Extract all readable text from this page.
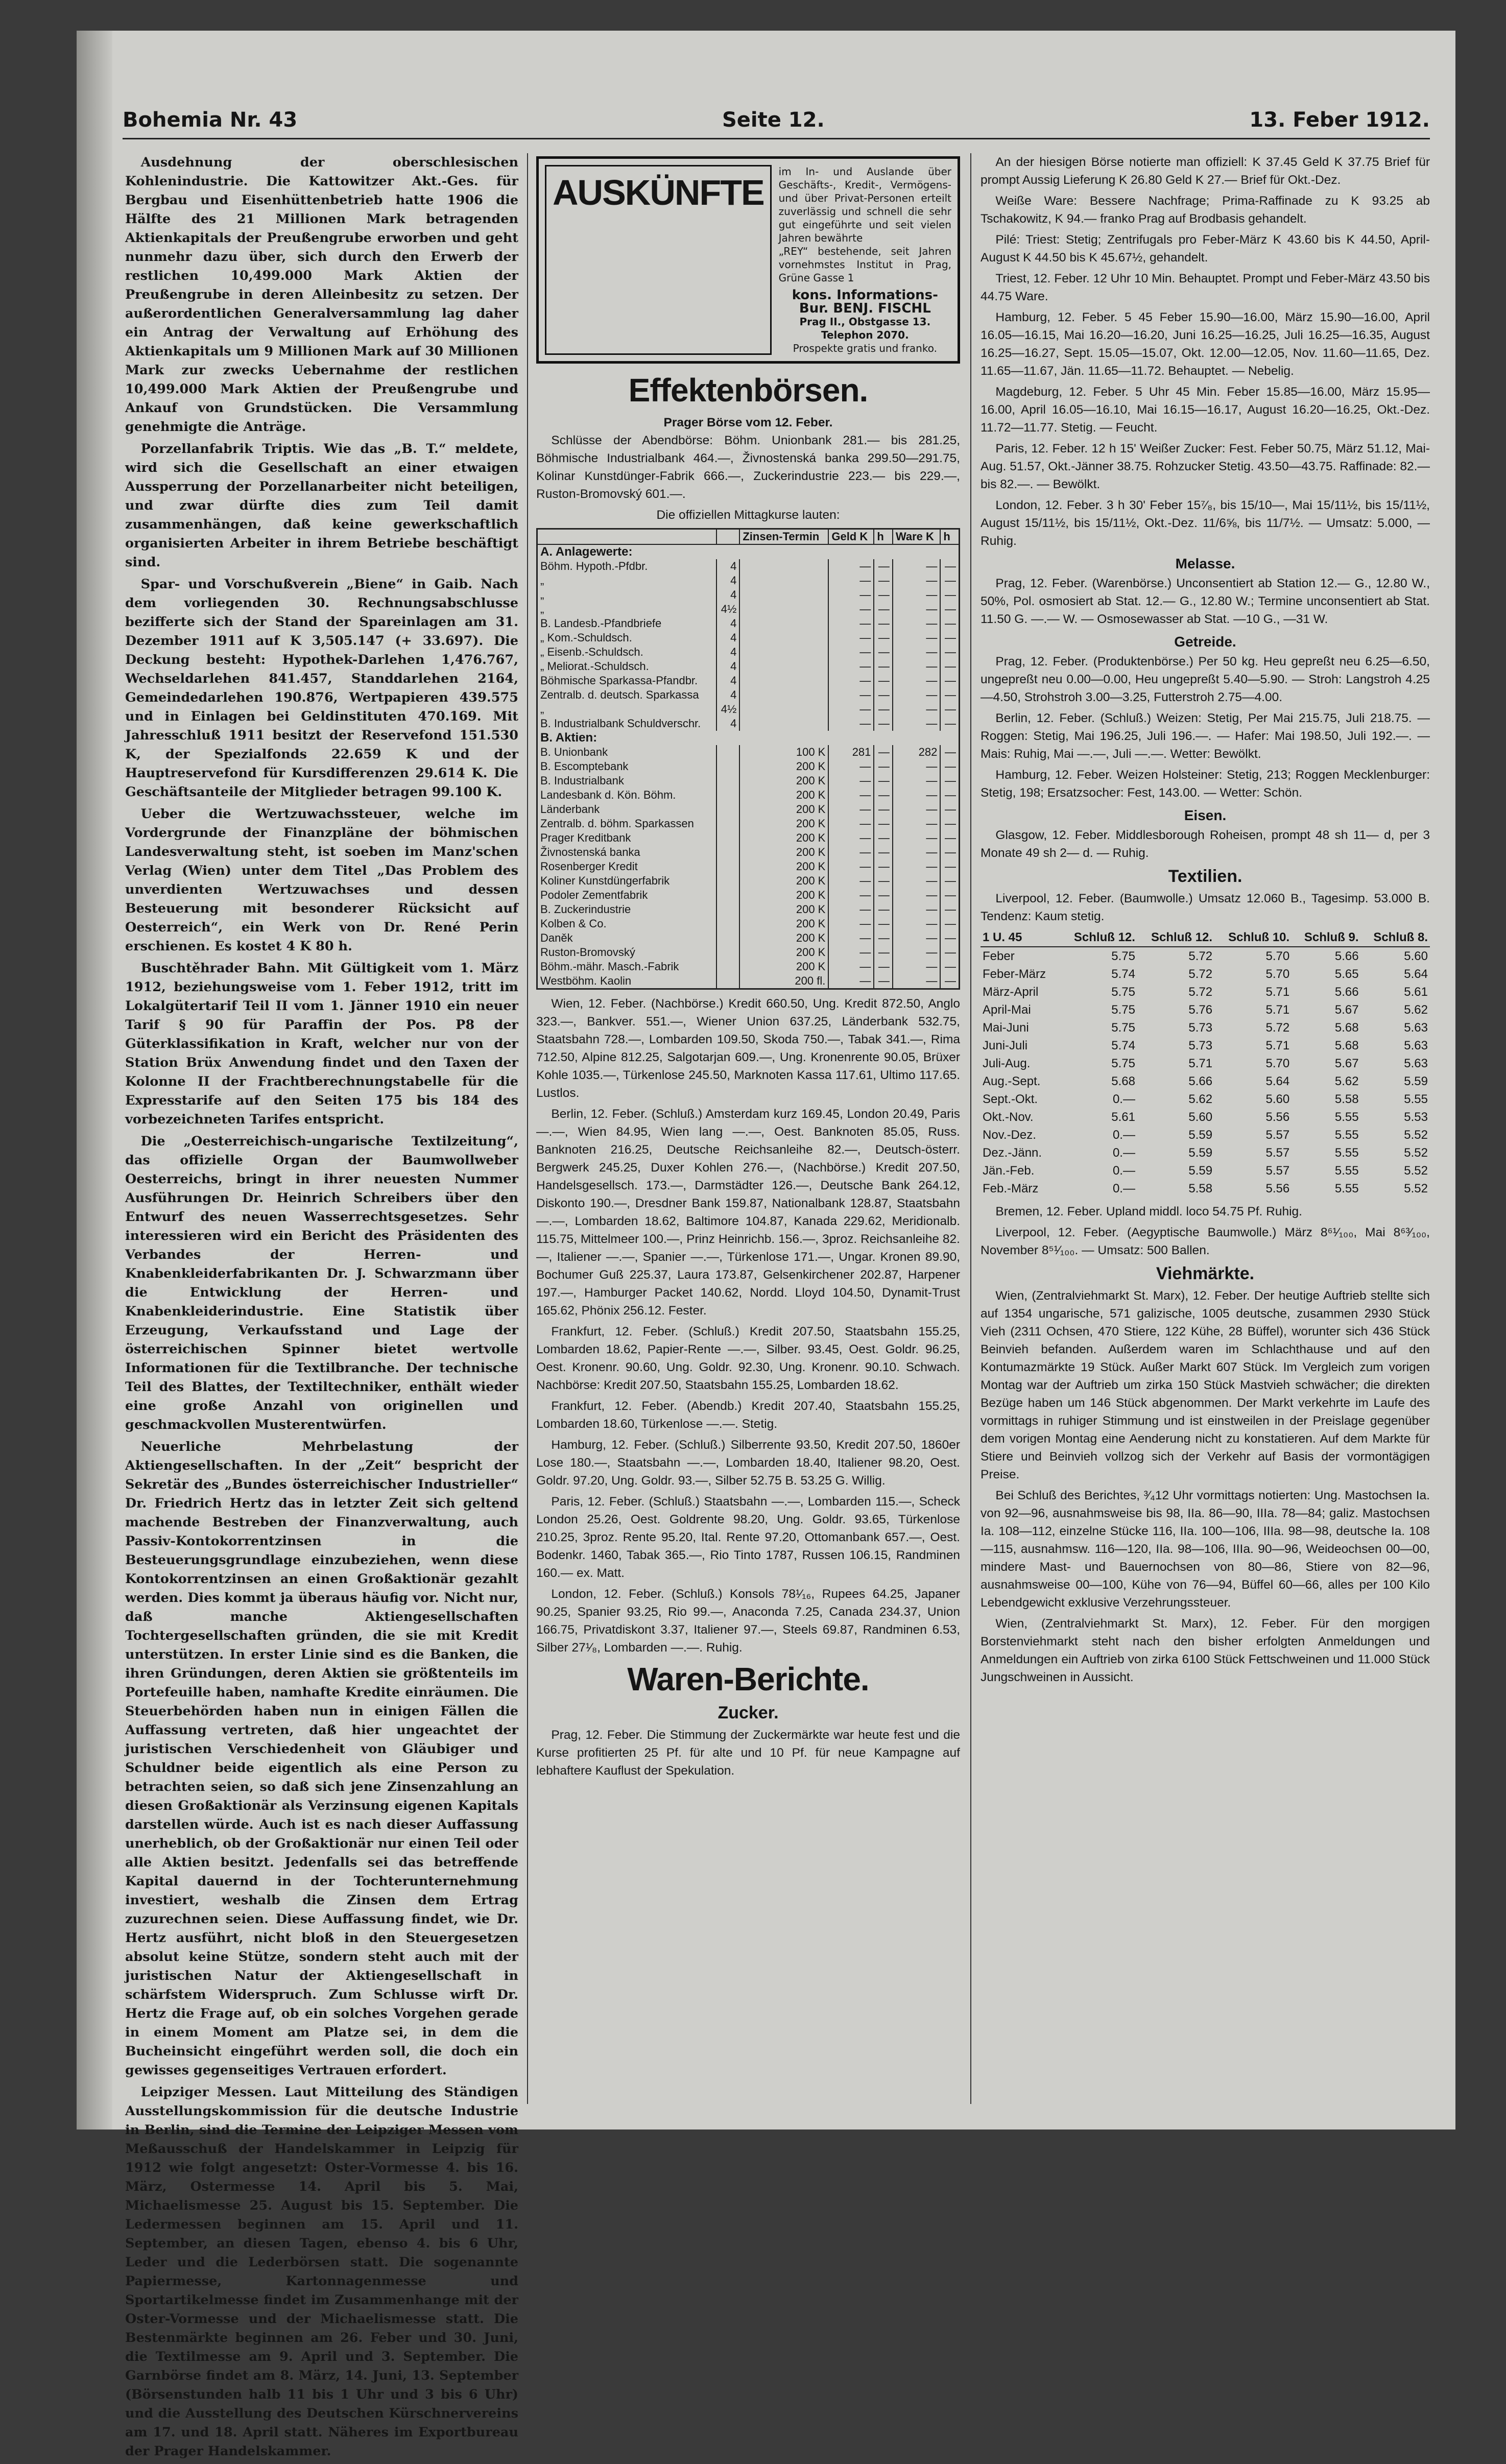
Bohemia Nr. 43	Seite 12.	13. Feber 1912.

Ausdehnung der oberschlesischen Kohlenindustrie. Die Kattowitzer Akt.-Ges. für Bergbau und Eisenhüttenbetrieb hatte 1906 die Hälfte des 21 Millionen Mark betragenden Aktienkapitals der Preußengrube erworben und geht nunmehr dazu über, sich durch den Erwerb der restlichen 10,499.000 Mark Aktien der Preußengrube in deren Alleinbesitz zu setzen. Der außerordentlichen Generalversammlung lag daher ein Antrag der Verwaltung auf Erhöhung des Aktienkapitals um 9 Millionen Mark auf 30 Millionen Mark zur zwecks Uebernahme der restlichen 10,499.000 Mark Aktien der Preußengrube und Ankauf von Grundstücken. Die Versammlung genehmigte die Anträge.

Porzellanfabrik Triptis. Wie das „B. T.“ meldete, wird sich die Gesellschaft an einer etwaigen Aussperrung der Porzellanarbeiter nicht beteiligen, und zwar dürfte dies zum Teil damit zusammenhängen, daß keine gewerkschaftlich organisierten Arbeiter in ihrem Betriebe beschäftigt sind.

Spar- und Vorschußverein „Biene“ in Gaib. Nach dem vorliegenden 30. Rechnungsabschlusse bezifferte sich der Stand der Spareinlagen am 31. Dezember 1911 auf K 3,505.147 (+ 33.697). Die Deckung besteht: Hypothek-Darlehen 1,476.767, Wechseldarlehen 841.457, Standdarlehen 2164, Gemeindedarlehen 190.876, Wertpapieren 439.575 und in Einlagen bei Geldinstituten 470.169. Mit Jahresschluß 1911 besitzt der Reservefond 151.530 K, der Spezialfonds 22.659 K und der Hauptreservefond für Kursdifferenzen 29.614 K. Die Geschäftsanteile der Mitglieder betragen 99.100 K.

Ueber die Wertzuwachssteuer, welche im Vordergrunde der Finanzpläne der böhmischen Landesverwaltung steht, ist soeben im Manz'schen Verlag (Wien) unter dem Titel „Das Problem des unverdienten Wertzuwachses und dessen Besteuerung mit besonderer Rücksicht auf Oesterreich“, ein Werk von Dr. René Perin erschienen. Es kostet 4 K 80 h.

Buschtěhrader Bahn. Mit Gültigkeit vom 1. März 1912, beziehungsweise vom 1. Feber 1912, tritt im Lokalgütertarif Teil II vom 1. Jänner 1910 ein neuer Tarif § 90 für Paraffin der Pos. P8 der Güterklassifikation in Kraft, welcher nur von der Station Brüx Anwendung findet und den Taxen der Kolonne II der Frachtberechnungstabelle für die Expresstarife auf den Seiten 175 bis 184 des vorbezeichneten Tarifes entspricht.

Die „Oesterreichisch-ungarische Textilzeitung“, das offizielle Organ der Baumwollweber Oesterreichs, bringt in ihrer neuesten Nummer Ausführungen Dr. Heinrich Schreibers über den Entwurf des neuen Wasserrechtsgesetzes. Sehr interessieren wird ein Bericht des Präsidenten des Verbandes der Herren- und Knabenkleiderfabrikanten Dr. J. Schwarzmann über die Entwicklung der Herren- und Knabenkleiderindustrie. Eine Statistik über Erzeugung, Verkaufsstand und Lage der österreichischen Spinner bietet wertvolle Informationen für die Textilbranche. Der technische Teil des Blattes, der Textiltechniker, enthält wieder eine große Anzahl von originellen und geschmackvollen Musterentwürfen.

Neuerliche Mehrbelastung der Aktiengesellschaften. In der „Zeit“ bespricht der Sekretär des „Bundes österreichischer Industrieller“ Dr. Friedrich Hertz das in letzter Zeit sich geltend machende Bestreben der Finanzverwaltung, auch Passiv-Kontokorrentzinsen in die Besteuerungsgrundlage einzubeziehen, wenn diese Kontokorrentzinsen an einen Großaktionär gezahlt werden. Dies kommt ja überaus häufig vor. Nicht nur, daß manche Aktiengesellschaften Tochtergesellschaften gründen, die sie mit Kredit unterstützen. In erster Linie sind es die Banken, die ihren Gründungen, deren Aktien sie größtenteils im Portefeuille haben, namhafte Kredite einräumen. Die Steuerbehörden haben nun in einigen Fällen die Auffassung vertreten, daß hier ungeachtet der juristischen Verschiedenheit von Gläubiger und Schuldner beide eigentlich als eine Person zu betrachten seien, so daß sich jene Zinsenzahlung an diesen Großaktionär als Verzinsung eigenen Kapitals darstellen würde. Auch ist es nach dieser Auffassung unerheblich, ob der Großaktionär nur einen Teil oder alle Aktien besitzt. Jedenfalls sei das betreffende Kapital dauernd in der Tochterunternehmung investiert, weshalb die Zinsen dem Ertrag zuzurechnen seien. Diese Auffassung findet, wie Dr. Hertz ausführt, nicht bloß in den Steuergesetzen absolut keine Stütze, sondern steht auch mit der juristischen Natur der Aktiengesellschaft in schärfstem Widerspruch. Zum Schlusse wirft Dr. Hertz die Frage auf, ob ein solches Vorgehen gerade in einem Moment am Platze sei, in dem die Bucheinsicht eingeführt werden soll, die doch ein gewisses gegenseitiges Vertrauen erfordert.

Leipziger Messen. Laut Mitteilung des Ständigen Ausstellungskommission für die deutsche Industrie in Berlin, sind die Termine der Leipziger Messen vom Meßausschuß der Handelskammer in Leipzig für 1912 wie folgt angesetzt: Oster-Vormesse 4. bis 16. März, Ostermesse 14. April bis 5. Mai, Michaelismesse 25. August bis 15. September. Die Ledermessen beginnen am 15. April und 11. September, an diesen Tagen, ebenso 4. bis 6 Uhr, Leder und die Lederbörsen statt. Die sogenannte Papiermesse, Kartonnagenmesse und Sportartikelmesse findet im Zusammenhange mit der Oster-Vormesse und der Michaelismesse statt. Die Bestenmärkte beginnen am 26. Feber und 30. Juni, die Textilmesse am 9. April und 3. September. Die Garnbörse findet am 8. März, 14. Juni, 13. September (Börsenstunden halb 11 bis 1 Uhr und 3 bis 6 Uhr) und die Ausstellung des Deutschen Kürschnervereins am 17. und 18. April statt. Näheres im Exportbureau der Prager Handelskammer.

AUSKÜNFTE
im In- und Auslande über Geschäfts-, Kredit-, Vermögens- und über Privat-Personen erteilt zuverlässig und schnell die sehr gut eingeführte und seit vielen Jahren bewährte
„REY“ bestehende, seit Jahren vornehmstes Institut in Prag, Grüne Gasse 1
kons. Informations-Bur. BENJ. FISCHL
Prag II., Obstgasse 13. Telephon 2070.
Prospekte gratis und franko.
Effektenbörsen.
Prager Börse vom 12. Feber.

Schlüsse der Abendbörse: Böhm. Unionbank 281.— bis 281.25, Böhmische Industrialbank 464.—, Živnostenská banka 299.50—291.75, Kolinar Kunstdünger-Fabrik 666.—, Zuckerindustrie 223.— bis 229.—, Ruston-Bromovský 601.—.

Die offiziellen Mittagkurse lauten:
		Zinsen-Termin	Geld K	h	Ware K	h
A. Anlagewerte:						
Böhm. Hypoth.-Pfdbr.	4		—	—	—	—
„	4		—	—	—	—
„	4		—	—	—	—
„	4½		—	—	—	—
B. Landesb.-Pfandbriefe	4		—	—	—	—
„ Kom.-Schuldsch.	4		—	—	—	—
„ Eisenb.-Schuldsch.	4		—	—	—	—
„ Meliorat.-Schuldsch.	4		—	—	—	—
Böhmische Sparkassa-Pfandbr.	4		—	—	—	—
Zentralb. d. deutsch. Sparkassa	4		—	—	—	—
„	4½		—	—	—	—
B. Industrialbank Schuldverschr.	4		—	—	—	—
B. Aktien:						
B. Unionbank		100 K	281	—	282	—
B. Escomptebank		200 K	—	—	—	—
B. Industrialbank		200 K	—	—	—	—
Landesbank d. Kön. Böhm.		200 K	—	—	—	—
Länderbank		200 K	—	—	—	—
Zentralb. d. böhm. Sparkassen		200 K	—	—	—	—
Prager Kreditbank		200 K	—	—	—	—
Živnostenská banka		200 K	—	—	—	—
Rosenberger Kredit		200 K	—	—	—	—
Koliner Kunstdüngerfabrik		200 K	—	—	—	—
Podoler Zementfabrik		200 K	—	—	—	—
B. Zuckerindustrie		200 K	—	—	—	—
Kolben & Co.		200 K	—	—	—	—
Daněk		200 K	—	—	—	—
Ruston-Bromovský		200 K	—	—	—	—
Böhm.-mähr. Masch.-Fabrik		200 K	—	—	—	—
Westböhm. Kaolin		200 fl.	—	—	—	—

Wien, 12. Feber. (Nachbörse.) Kredit 660.50, Ung. Kredit 872.50, Anglo 323.—, Bankver. 551.—, Wiener Union 637.25, Länderbank 532.75, Staatsbahn 728.—, Lombarden 109.50, Skoda 750.—, Tabak 341.—, Rima 712.50, Alpine 812.25, Salgotarjan 609.—, Ung. Kronenrente 90.05, Brüxer Kohle 1035.—, Türkenlose 245.50, Marknoten Kassa 117.61, Ultimo 117.65. Lustlos.

Berlin, 12. Feber. (Schluß.) Amsterdam kurz 169.45, London 20.49, Paris —.—, Wien 84.95, Wien lang —.—, Oest. Banknoten 85.05, Russ. Banknoten 216.25, Deutsche Reichsanleihe 82.—, Deutsch-österr. Bergwerk 245.25, Duxer Kohlen 276.—, (Nachbörse.) Kredit 207.50, Handelsgesellsch. 173.—, Darmstädter 126.—, Deutsche Bank 264.12, Diskonto 190.—, Dresdner Bank 159.87, Nationalbank 128.87, Staatsbahn —.—, Lombarden 18.62, Baltimore 104.87, Kanada 229.62, Meridionalb. 115.75, Mittelmeer 100.—, Prinz Heinrichb. 156.—, 3proz. Reichsanleihe 82.—, Italiener —.—, Spanier —.—, Türkenlose 171.—, Ungar. Kronen 89.90, Bochumer Guß 225.37, Laura 173.87, Gelsenkirchener 202.87, Harpener 197.—, Hamburger Packet 140.62, Nordd. Lloyd 104.50, Dynamit-Trust 165.62, Phönix 256.12. Fester.

Frankfurt, 12. Feber. (Schluß.) Kredit 207.50, Staatsbahn 155.25, Lombarden 18.62, Papier-Rente —.—, Silber. 93.45, Oest. Goldr. 96.25, Oest. Kronenr. 90.60, Ung. Goldr. 92.30, Ung. Kronenr. 90.10. Schwach. Nachbörse: Kredit 207.50, Staatsbahn 155.25, Lombarden 18.62.

Frankfurt, 12. Feber. (Abendb.) Kredit 207.40, Staatsbahn 155.25, Lombarden 18.60, Türkenlose —.—. Stetig.

Hamburg, 12. Feber. (Schluß.) Silberrente 93.50, Kredit 207.50, 1860er Lose 180.—, Staatsbahn —.—, Lombarden 18.40, Italiener 98.20, Oest. Goldr. 97.20, Ung. Goldr. 93.—, Silber 52.75 B. 53.25 G. Willig.

Paris, 12. Feber. (Schluß.) Staatsbahn —.—, Lombarden 115.—, Scheck London 25.26, Oest. Goldrente 98.20, Ung. Goldr. 93.65, Türkenlose 210.25, 3proz. Rente 95.20, Ital. Rente 97.20, Ottomanbank 657.—, Oest. Bodenkr. 1460, Tabak 365.—, Rio Tinto 1787, Russen 106.15, Randminen 160.— ex. Matt.

London, 12. Feber. (Schluß.) Konsols 78¹⁄₁₆, Rupees 64.25, Japaner 90.25, Spanier 93.25, Rio 99.—, Anaconda 7.25, Canada 234.37, Union 166.75, Privatdiskont 3.37, Italiener 97.—, Steels 69.87, Randminen 6.53, Silber 27¹⁄₈, Lombarden —.—. Ruhig.

Waren-Berichte.
Zucker.

Prag, 12. Feber. Die Stimmung der Zuckermärkte war heute fest und die Kurse profitierten 25 Pf. für alte und 10 Pf. für neue Kampagne auf lebhaftere Kauflust der Spekulation.

An der hiesigen Börse notierte man offiziell: K 37.45 Geld K 37.75 Brief für prompt Aussig Lieferung K 26.80 Geld K 27.— Brief für Okt.-Dez.

Weiße Ware: Bessere Nachfrage; Prima-Raffinade zu K 93.25 ab Tschakowitz, K 94.— franko Prag auf Brodbasis gehandelt.

Pilé: Triest: Stetig; Zentrifugals pro Feber-März K 43.60 bis K 44.50, April-August K 44.50 bis K 45.67½, gehandelt.

Triest, 12. Feber. 12 Uhr 10 Min. Behauptet. Prompt und Feber-März 43.50 bis 44.75 Ware.

Hamburg, 12. Feber. 5 45 Feber 15.90—16.00, März 15.90—16.00, April 16.05—16.15, Mai 16.20—16.20, Juni 16.25—16.25, Juli 16.25—16.35, August 16.25—16.27, Sept. 15.05—15.07, Okt. 12.00—12.05, Nov. 11.60—11.65, Dez. 11.65—11.67, Jän. 11.65—11.72. Behauptet. — Nebelig.

Magdeburg, 12. Feber. 5 Uhr 45 Min. Feber 15.85—16.00, März 15.95—16.00, April 16.05—16.10, Mai 16.15—16.17, August 16.20—16.25, Okt.-Dez. 11.72—11.77. Stetig. — Feucht.

Paris, 12. Feber. 12 h 15' Weißer Zucker: Fest. Feber 50.75, März 51.12, Mai-Aug. 51.57, Okt.-Jänner 38.75. Rohzucker Stetig. 43.50—43.75. Raffinade: 82.— bis 82.—. — Bewölkt.

London, 12. Feber. 3 h 30' Feber 15⁷⁄₈, bis 15/10—, Mai 15/11½, bis 15/11½, August 15/11½, bis 15/11½, Okt.-Dez. 11/6⅝, bis 11/7½. — Umsatz: 5.000, — Ruhig.

Melasse.

Prag, 12. Feber. (Warenbörse.) Unconsentiert ab Station 12.— G., 12.80 W., 50%, Pol. osmosiert ab Stat. 12.— G., 12.80 W.; Termine unconsentiert ab Stat. 11.50 G. —.— W. — Osmosewasser ab Stat. —10 G., —31 W.

Getreide.

Prag, 12. Feber. (Produktenbörse.) Per 50 kg. Heu gepreßt neu 6.25—6.50, ungepreßt neu 0.00—0.00, Heu ungepreßt 5.40—5.90. — Stroh: Langstroh 4.25—4.50, Strohstroh 3.00—3.25, Futterstroh 2.75—4.00.

Berlin, 12. Feber. (Schluß.) Weizen: Stetig, Per Mai 215.75, Juli 218.75. — Roggen: Stetig, Mai 196.25, Juli 196.—. — Hafer: Mai 198.50, Juli 192.—. — Mais: Ruhig, Mai —.—, Juli —.—. Wetter: Bewölkt.

Hamburg, 12. Feber. Weizen Holsteiner: Stetig, 213; Roggen Mecklenburger: Stetig, 198; Ersatzsocher: Fest, 143.00. — Wetter: Schön.

Eisen.

Glasgow, 12. Feber. Middlesborough Roheisen, prompt 48 sh 11— d, per 3 Monate 49 sh 2— d. — Ruhig.

Textilien.

Liverpool, 12. Feber. (Baumwolle.) Umsatz 12.060 B., Tagesimp. 53.000 B. Tendenz: Kaum stetig.

1 U. 45	Schluß 12.	Schluß 12.	Schluß 10.	Schluß 9.	Schluß 8.
Feber	5.75	5.72	5.70	5.66	5.60
Feber-März	5.74	5.72	5.70	5.65	5.64
März-April	5.75	5.72	5.71	5.66	5.61
April-Mai	5.75	5.76	5.71	5.67	5.62
Mai-Juni	5.75	5.73	5.72	5.68	5.63
Juni-Juli	5.74	5.73	5.71	5.68	5.63
Juli-Aug.	5.75	5.71	5.70	5.67	5.63
Aug.-Sept.	5.68	5.66	5.64	5.62	5.59
Sept.-Okt.	0.—	5.62	5.60	5.58	5.55
Okt.-Nov.	5.61	5.60	5.56	5.55	5.53
Nov.-Dez.	0.—	5.59	5.57	5.55	5.52
Dez.-Jänn.	0.—	5.59	5.57	5.55	5.52
Jän.-Feb.	0.—	5.59	5.57	5.55	5.52
Feb.-März	0.—	5.58	5.56	5.55	5.52

Bremen, 12. Feber. Upland middl. loco 54.75 Pf. Ruhig.

Liverpool, 12. Feber. (Aegyptische Baumwolle.) März 8⁶¹⁄₁₀₀, Mai 8⁶³⁄₁₀₀, November 8⁵¹⁄₁₀₀. — Umsatz: 500 Ballen.

Viehmärkte.

Wien, (Zentralviehmarkt St. Marx), 12. Feber. Der heutige Auftrieb stellte sich auf 1354 ungarische, 571 galizische, 1005 deutsche, zusammen 2930 Stück Vieh (2311 Ochsen, 470 Stiere, 122 Kühe, 28 Büffel), worunter sich 436 Stück Beinvieh befanden. Außerdem waren im Schlachthause und auf den Kontumazmärkte 19 Stück. Außer Markt 607 Stück. Im Vergleich zum vorigen Montag war der Auftrieb um zirka 150 Stück Mastvieh schwächer; die direkten Bezüge haben um 146 Stück abgenommen. Der Markt verkehrte im Laufe des vormittags in ruhiger Stimmung und ist einstweilen in der Preislage gegenüber dem vorigen Montag eine Aenderung nicht zu konstatieren. Auf dem Markte für Stiere und Beinvieh vollzog sich der Verkehr auf Basis der vormontägigen Preise.

Bei Schluß des Berichtes, ³⁄₄12 Uhr vormittags notierten: Ung. Mastochsen Ia. von 92—96, ausnahmsweise bis 98, IIa. 86—90, IIIa. 78—84; galiz. Mastochsen Ia. 108—112, einzelne Stücke 116, IIa. 100—106, IIIa. 98—98, deutsche Ia. 108—115, ausnahmsw. 116—120, IIa. 98—106, IIIa. 90—96, Weideochsen 00—00, mindere Mast- und Bauernochsen von 80—86, Stiere von 82—96, ausnahmsweise 00—100, Kühe von 76—94, Büffel 60—66, alles per 100 Kilo Lebendgewicht exklusive Verzehrungssteuer.

Wien, (Zentralviehmarkt St. Marx), 12. Feber. Für den morgigen Borstenviehmarkt steht nach den bisher erfolgten Anmeldungen und Anmeldungen ein Auftrieb von zirka 6100 Stück Fettschweinen und 11.000 Stück Jungschweinen in Aussicht.
